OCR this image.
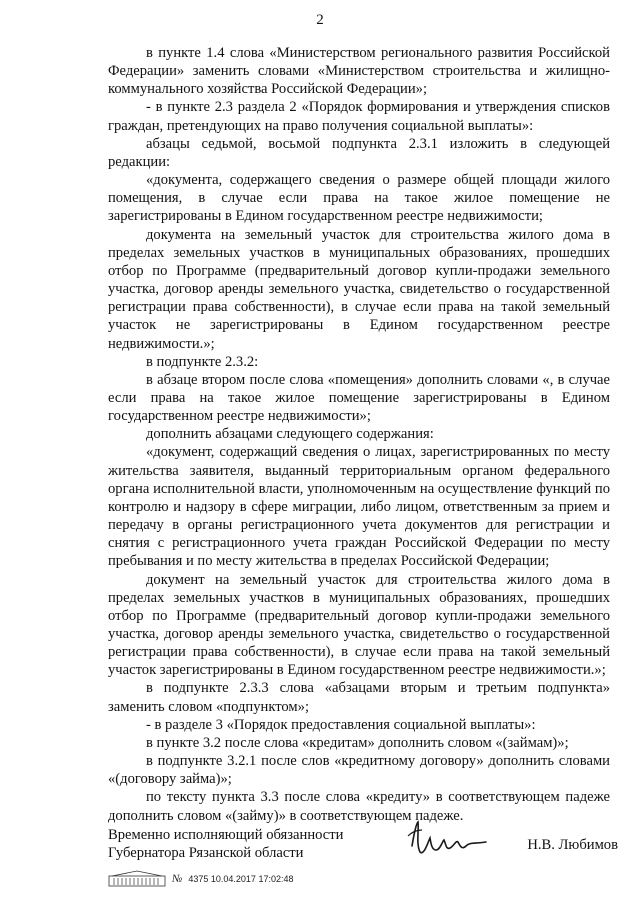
2

в пункте 1.4 слова «Министерством регионального развития Российской Федерации» заменить словами «Министерством строительства и жилищно-коммунального хозяйства Российской Федерации»;

- в пункте 2.3 раздела 2 «Порядок формирования и утверждения списков граждан, претендующих на право получения социальной выплаты»:

абзацы седьмой, восьмой подпункта 2.3.1 изложить в следующей редакции:

«документа, содержащего сведения о размере общей площади жилого помещения, в случае если права на такое жилое помещение не зарегистрированы в Едином государственном реестре недвижимости;

документа на земельный участок для строительства жилого дома в пределах земельных участков в муниципальных образованиях, прошедших отбор по Программе (предварительный договор купли-продажи земельного участка, договор аренды земельного участка, свидетельство о государственной регистрации права собственности), в случае если права на такой земельный участок не зарегистрированы в Едином государственном реестре недвижимости.»;

в подпункте 2.3.2:

в абзаце втором после слова «помещения» дополнить словами «, в случае если права на такое жилое помещение зарегистрированы в Едином государственном реестре недвижимости»;

дополнить абзацами следующего содержания:

«документ, содержащий сведения о лицах, зарегистрированных по месту жительства заявителя, выданный территориальным органом федерального органа исполнительной власти, уполномоченным на осуществление функций по контролю и надзору в сфере миграции, либо лицом, ответственным за прием и передачу в органы регистрационного учета документов для регистрации и снятия с регистрационного учета граждан Российской Федерации по месту пребывания и по месту жительства в пределах Российской Федерации;

документ на земельный участок для строительства жилого дома в пределах земельных участков в муниципальных образованиях, прошедших отбор по Программе (предварительный договор купли-продажи земельного участка, договор аренды земельного участка, свидетельство о государственной регистрации права собственности), в случае если права на такой земельный участок зарегистрированы в Едином государственном реестре недвижимости.»;

в подпункте 2.3.3 слова «абзацами вторым и третьим подпункта» заменить словом «подпунктом»;

- в разделе 3 «Порядок предоставления социальной выплаты»:

в пункте 3.2 после слова «кредитам» дополнить словом «(займам)»;

в подпункте 3.2.1 после слов «кредитному договору» дополнить словами «(договору займа)»;

по тексту пункта 3.3 после слова «кредиту» в соответствующем падеже дополнить словом «(займу)» в соответствующем падеже.

Временно исполняющий обязанности
Губернатора Рязанской области	Н.В. Любимов
№ 4375 10.04.2017 17:02:48
